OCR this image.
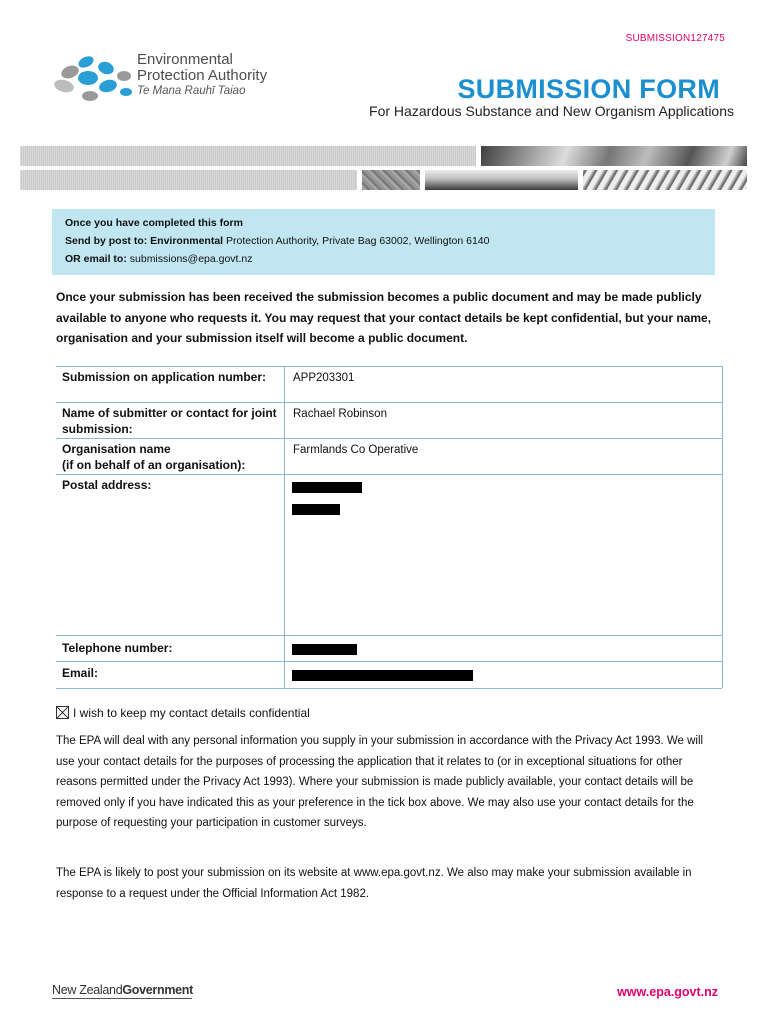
SUBMISSION127475
Environmental
Protection Authority
Te Mana Rauhī Taiao	SUBMISSION FORM
For Hazardous Substance and New Organism Applications
Once you have completed this form
Send by post to: Environmental Protection Authority, Private Bag 63002, Wellington 6140
OR email to: submissions@epa.govt.nz
Once your submission has been received the submission becomes a public document and may be made publicly available to anyone who requests it. You may request that your contact details be kept confidential, but your name, organisation and your submission itself will become a public document.
Submission on application number:	APP203301
Name of submitter or contact for joint submission:
Rachael Robinson
Organisation name
(if on behalf of an organisation):
Farmlands Co Operative
Postal address:
Telephone number:
Email:
I wish to keep my contact details confidential
The EPA will deal with any personal information you supply in your submission in accordance with the Privacy Act 1993. We will use your contact details for the purposes of processing the application that it relates to (or in exceptional situations for other reasons permitted under the Privacy Act 1993). Where your submission is made publicly available, your contact details will be removed only if you have indicated this as your preference in the tick box above. We may also use your contact details for the purpose of requesting your participation in customer surveys.
The EPA is likely to post your submission on its website at www.epa.govt.nz. We also may make your submission available in response to a request under the Official Information Act 1982.
New ZealandGovernment	www.epa.govt.nz
